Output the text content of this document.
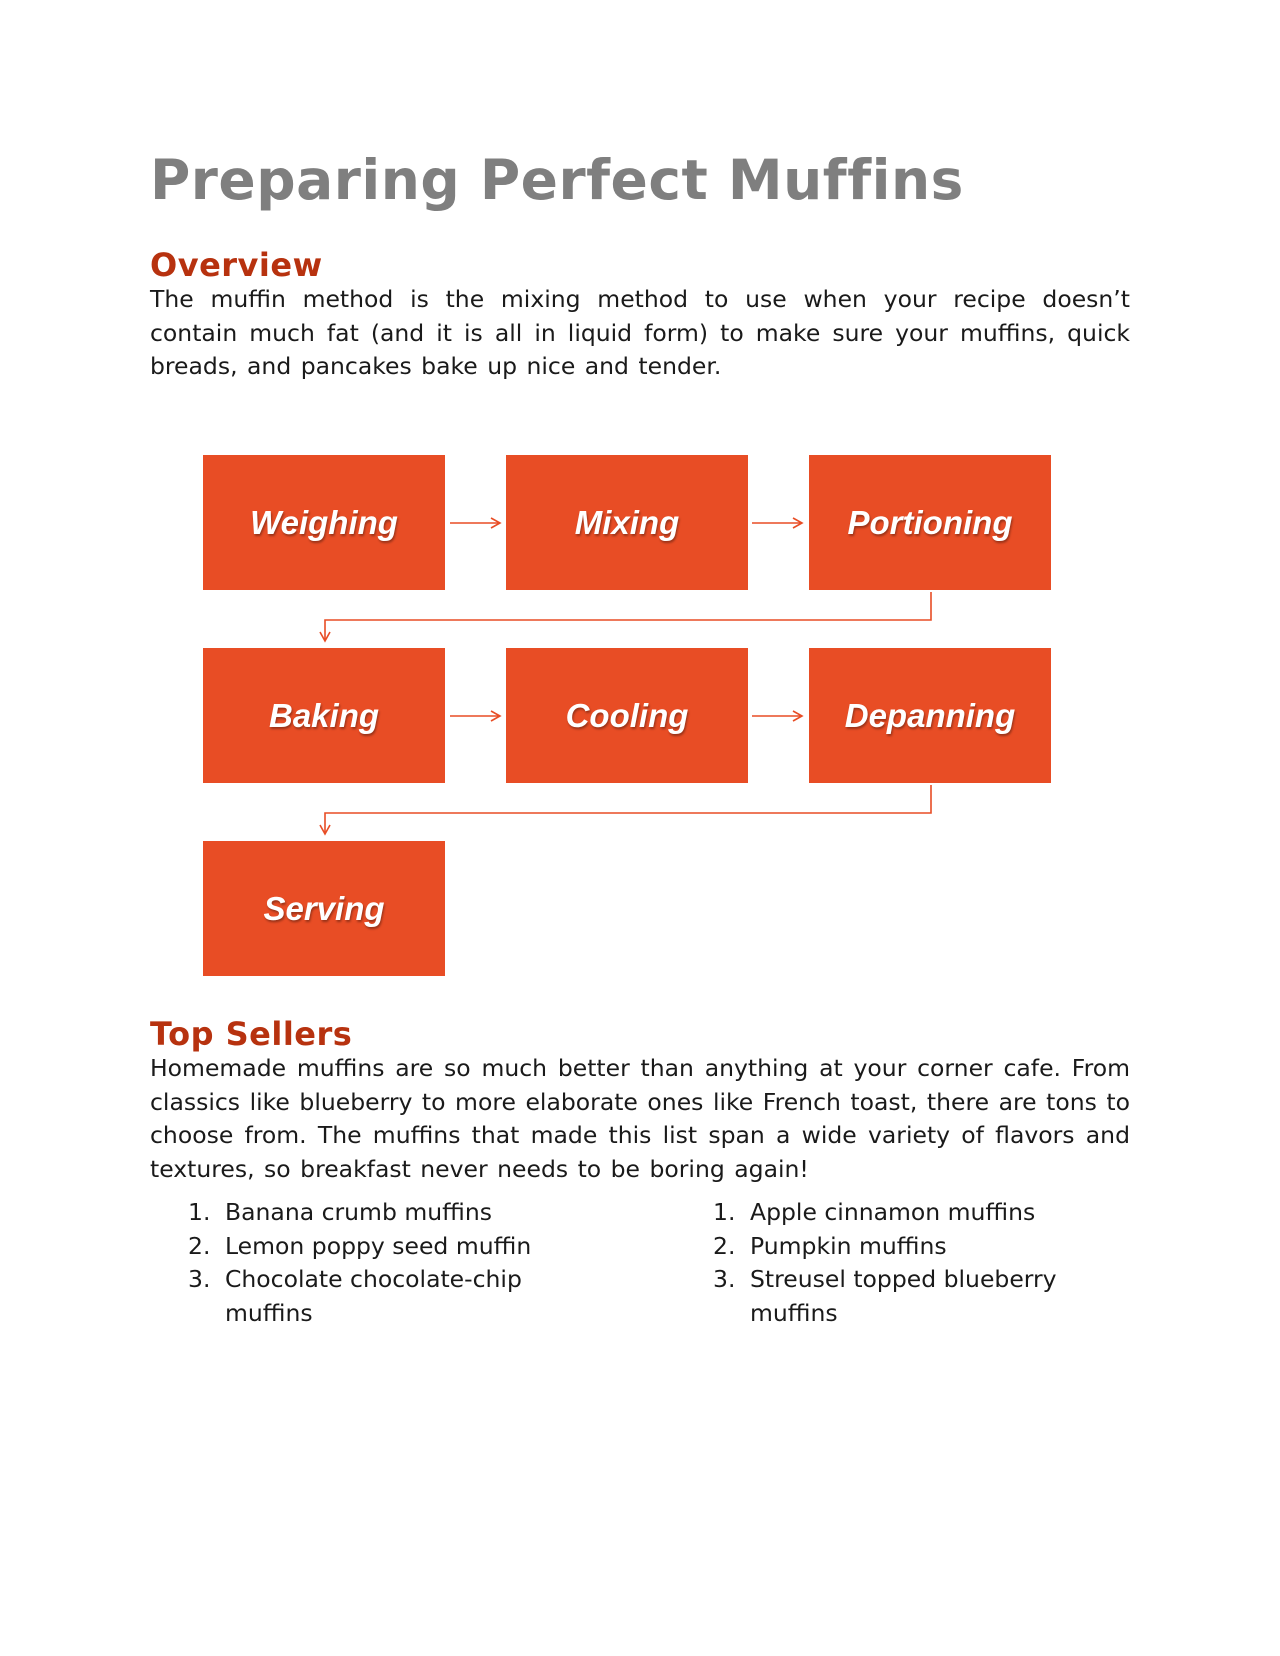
Preparing Perfect Muffins
Overview

The muffin method is the mixing method to use when your recipe doesn’t contain much fat (and it is all in liquid form) to make sure your muffins, quick breads, and pancakes bake up nice and tender.

Top Sellers

Homemade muffins are so much better than anything at your corner cafe. From classics like blueberry to more elaborate ones like French toast, there are tons to choose from. The muffins that made this list span a wide variety of flavors and textures, so breakfast never needs to be boring again!

1. Banana crumb muffins
2. Lemon poppy seed muffin
3. Chocolate chocolate-chip muffins
1. Apple cinnamon muffins
2. Pumpkin muffins
3. Streusel topped blueberry muffins
Weighing	Mixing	Portioning
Baking	Cooling	Depanning
Serving
